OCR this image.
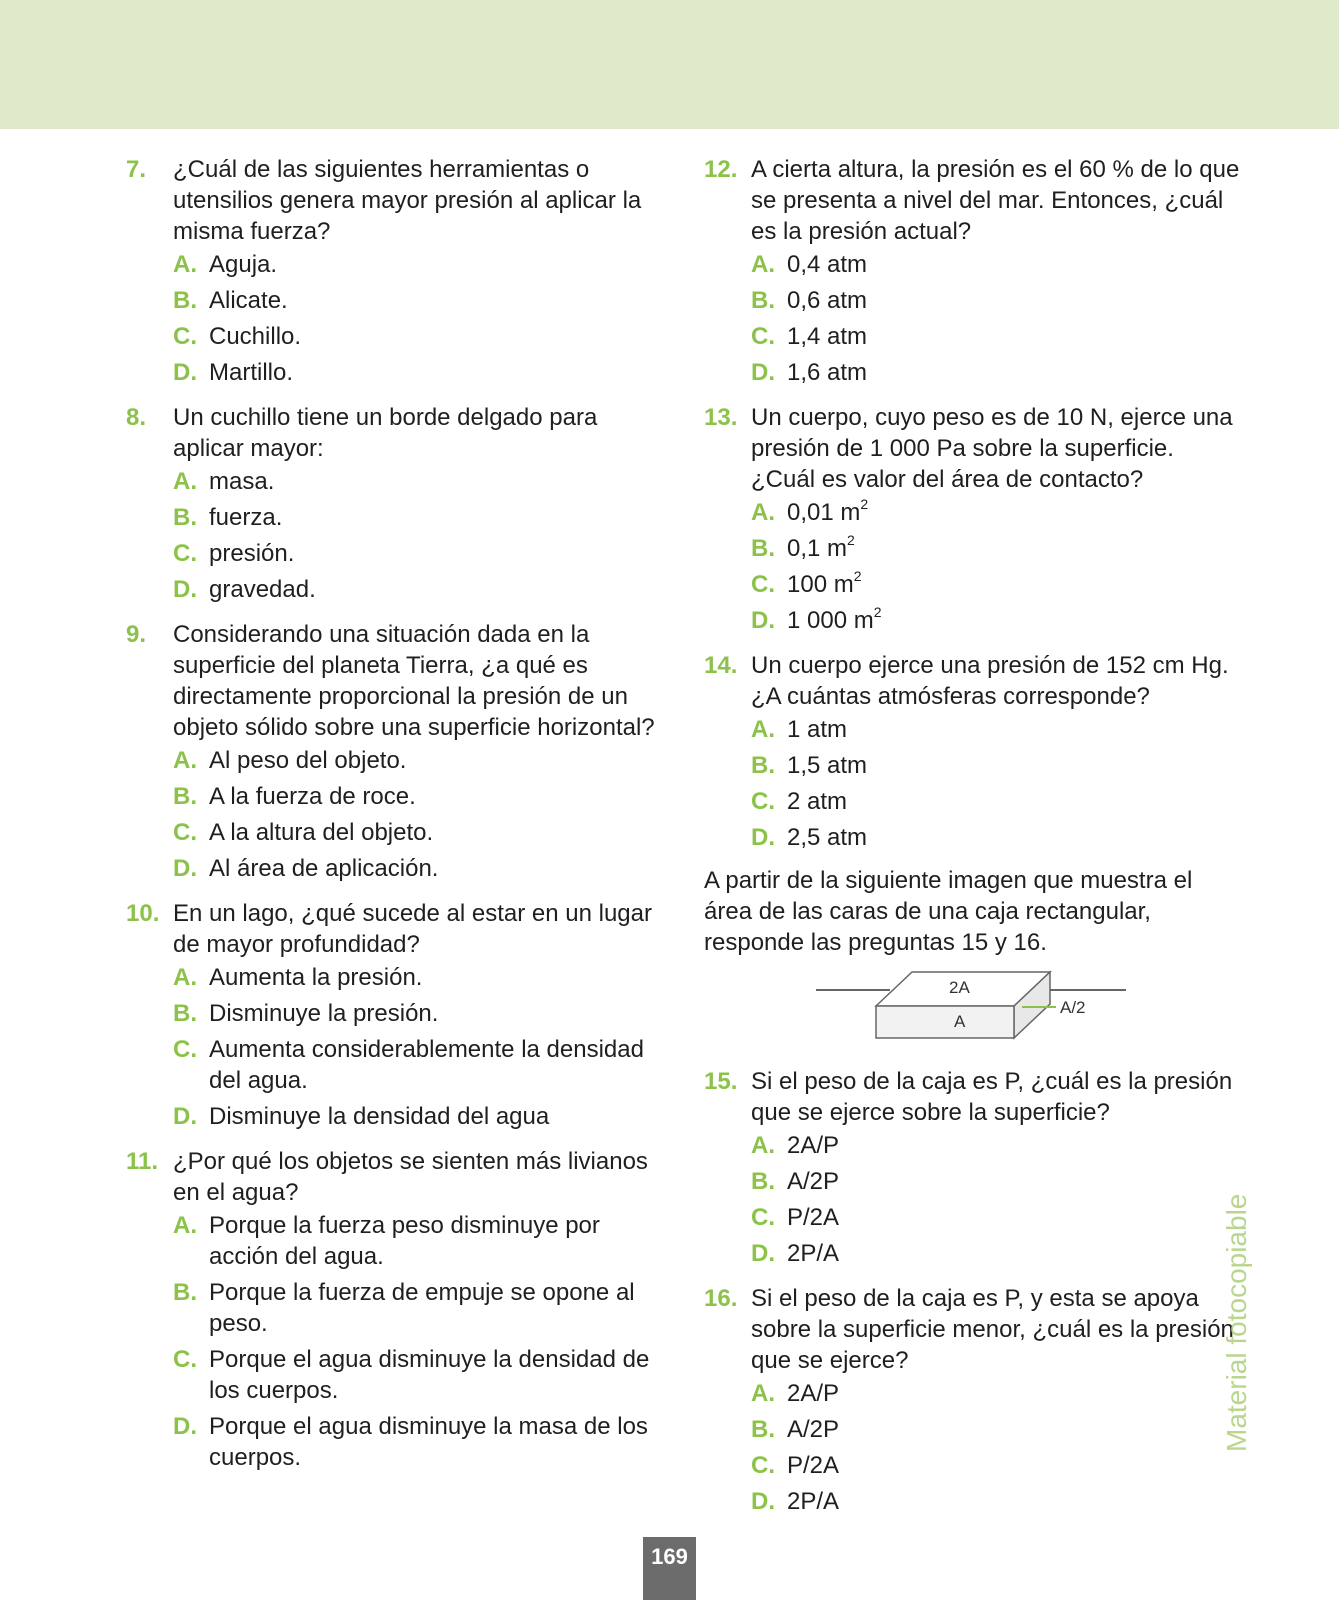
7. ¿Cuál de las siguientes herramientas o utensilios genera mayor presión al aplicar la misma fuerza?
A. Aguja.
B. Alicate.
C. Cuchillo.
D. Martillo.
8. Un cuchillo tiene un borde delgado para aplicar mayor:
A. masa.
B. fuerza.
C. presión.
D. gravedad.
9. Considerando una situación dada en la superficie del planeta Tierra, ¿a qué es directamente proporcional la presión de un objeto sólido sobre una superficie horizontal?
A. Al peso del objeto.
B. A la fuerza de roce.
C. A la altura del objeto.
D. Al área de aplicación.
10. En un lago, ¿qué sucede al estar en un lugar de mayor profundidad?
A. Aumenta la presión.
B. Disminuye la presión.
C. Aumenta considerablemente la densidad del agua.
D. Disminuye la densidad del agua
11. ¿Por qué los objetos se sienten más livianos en el agua?
A. Porque la fuerza peso disminuye por acción del agua.
B. Porque la fuerza de empuje se opone al peso.
C. Porque el agua disminuye la densidad de los cuerpos.
D. Porque el agua disminuye la masa de los cuerpos.
12. A cierta altura, la presión es el 60 % de lo que se presenta a nivel del mar. Entonces, ¿cuál es la presión actual?
A. 0,4 atm
B. 0,6 atm
C. 1,4 atm
D. 1,6 atm
13. Un cuerpo, cuyo peso es de 10 N, ejerce una presión de 1 000 Pa sobre la superficie. ¿Cuál es valor del área de contacto?
A. 0,01 $m^2$
B. 0,1 $m^2$
C. 100 $m^2$
D. 1 000 $m^2$
14. Un cuerpo ejerce una presión de 152 cm Hg. ¿A cuántas atmósferas corresponde?
A. 1 atm
B. 1,5 atm
C. 2 atm
D. 2,5 atm

A partir de la siguiente imagen que muestra el área de las caras de una caja rectangular, responde las preguntas 15 y 16.

2A
A
A/2
15. Si el peso de la caja es P, ¿cuál es la presión que se ejerce sobre la superficie?
A. 2A/P
B. A/2P
C. P/2A
D. 2P/A
16. Si el peso de la caja es P, y esta se apoya sobre la superficie menor, ¿cuál es la presión que se ejerce?
A. 2A/P
B. A/2P
C. P/2A
D. 2P/A
Material fotocopiable
169
